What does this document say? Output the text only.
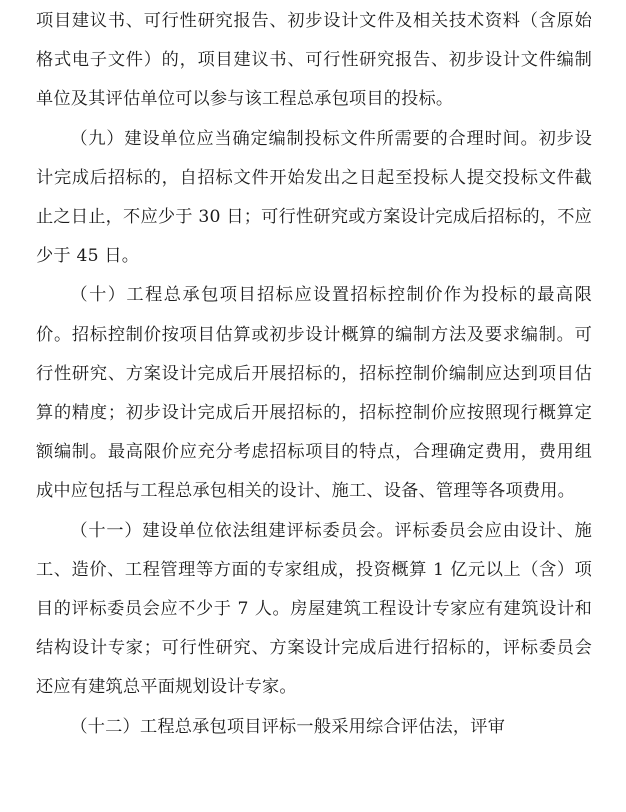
项目建议书、可行性研究报告、初步设计文件及相关技术资料（含原始格式电子文件）的，项目建议书、可行性研究报告、初步设计文件编制单位及其评估单位可以参与该工程总承包项目的投标。

（九）建设单位应当确定编制投标文件所需要的合理时间。初步设计完成后招标的，自招标文件开始发出之日起至投标人提交投标文件截止之日止，不应少于 30 日；可行性研究或方案设计完成后招标的，不应少于 45 日。

（十）工程总承包项目招标应设置招标控制价作为投标的最高限价。招标控制价按项目估算或初步设计概算的编制方法及要求编制。可行性研究、方案设计完成后开展招标的，招标控制价编制应达到项目估算的精度；初步设计完成后开展招标的，招标控制价应按照现行概算定额编制。最高限价应充分考虑招标项目的特点，合理确定费用，费用组成中应包括与工程总承包相关的设计、施工、设备、管理等各项费用。

（十一）建设单位依法组建评标委员会。评标委员会应由设计、施工、造价、工程管理等方面的专家组成，投资概算 1 亿元以上（含）项目的评标委员会应不少于 7 人。房屋建筑工程设计专家应有建筑设计和结构设计专家；可行性研究、方案设计完成后进行招标的，评标委员会还应有建筑总平面规划设计专家。

（十二）工程总承包项目评标一般采用综合评估法，评审
